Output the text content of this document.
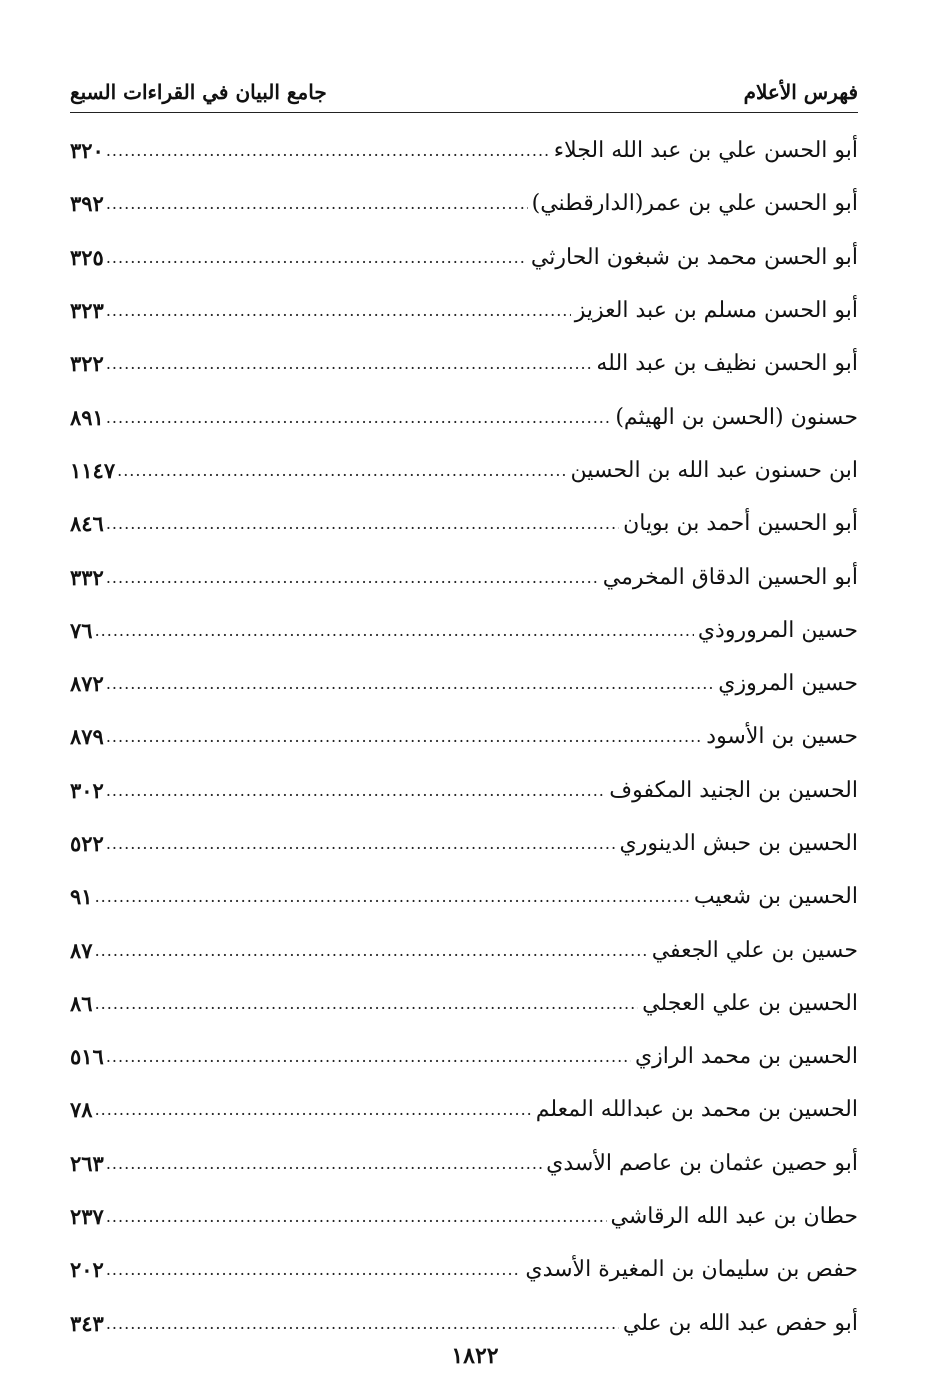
فهرس الأعلام
جامع البيان في القراءات السبع
أبو الحسن علي بن عبد الله الجلاء
.....
٣٢٠
أبو الحسن علي بن عمر(الدارقطني)
.....
٣٩٢
أبو الحسن محمد بن شبغون الحارثي
.....
٣٢٥
أبو الحسن مسلم بن عبد العزيز
.....
٣٢٣
أبو الحسن نظيف بن عبد الله
.....
٣٢٢
حسنون (الحسن بن الهيثم)
.....
٨٩١
ابن حسنون عبد الله بن الحسين
.....
١١٤٧
أبو الحسين أحمد بن بويان
.....
٨٤٦
أبو الحسين الدقاق المخرمي
.....
٣٣٢
حسين المروروذي
.....
٧٦
حسين المروزي
.....
٨٧٢
حسين بن الأسود
.....
٨٧٩
الحسين بن الجنيد المكفوف
.....
٣٠٢
الحسين بن حبش الدينوري
.....
٥٢٢
الحسين بن شعيب
.....
٩١
حسين بن علي الجعفي
.....
٨٧
الحسين بن علي العجلي
.....
٨٦
الحسين بن محمد الرازي
.....
٥١٦
الحسين بن محمد بن عبدالله المعلم
.....
٧٨
أبو حصين عثمان بن عاصم الأسدي
.....
٢٦٣
حطان بن عبد الله الرقاشي
.....
٢٣٧
حفص بن سليمان بن المغيرة الأسدي
.....
٢٠٢
أبو حفص عبد الله بن علي
.....
٣٤٣
١٨٢٢
